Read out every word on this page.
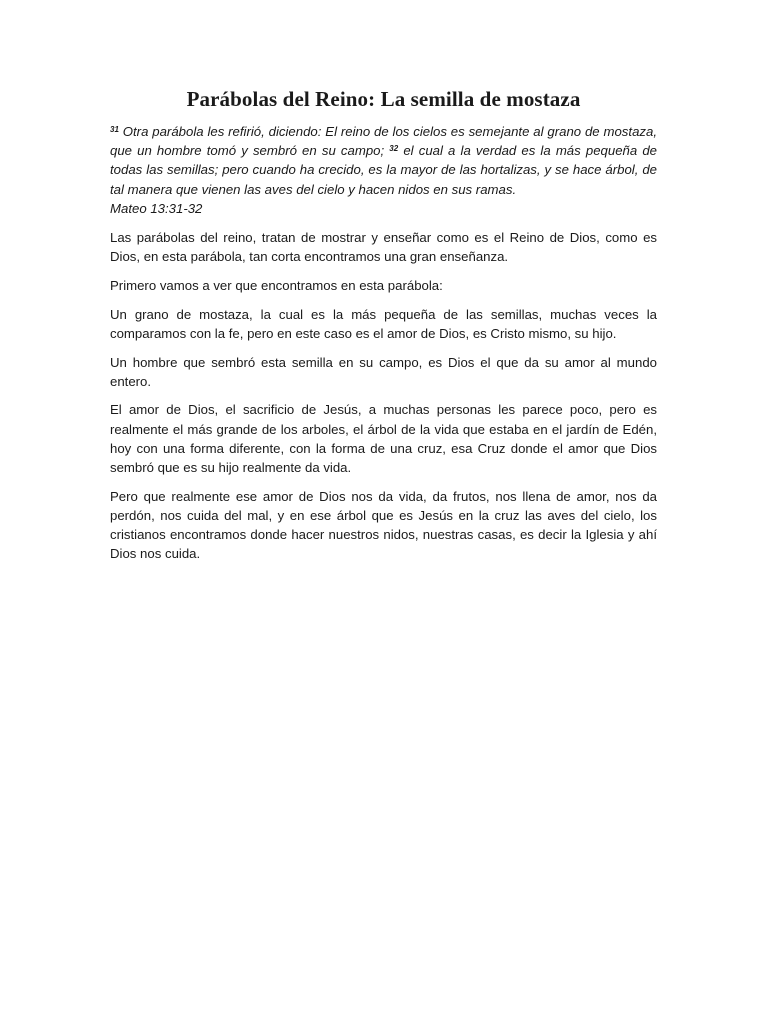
Parábolas del Reino: La semilla de mostaza

$^{31}$ Otra parábola les refirió, diciendo: El reino de los cielos es semejante al grano de mostaza, que un hombre tomó y sembró en su campo; $^{32}$ el cual a la verdad es la más pequeña de todas las semillas; pero cuando ha crecido, es la mayor de las hortalizas, y se hace árbol, de tal manera que vienen las aves del cielo y hacen nidos en sus ramas.
Mateo 13:31-32

Las parábolas del reino, tratan de mostrar y enseñar como es el Reino de Dios, como es Dios, en esta parábola, tan corta encontramos una gran enseñanza.

Primero vamos a ver que encontramos en esta parábola:

Un grano de mostaza, la cual es la más pequeña de las semillas, muchas veces la comparamos con la fe, pero en este caso es el amor de Dios, es Cristo mismo, su hijo.

Un hombre que sembró esta semilla en su campo, es Dios el que da su amor al mundo entero.

El amor de Dios, el sacrificio de Jesús, a muchas personas les parece poco, pero es realmente el más grande de los arboles, el árbol de la vida que estaba en el jardín de Edén, hoy con una forma diferente, con la forma de una cruz, esa Cruz donde el amor que Dios sembró que es su hijo realmente da vida.

Pero que realmente ese amor de Dios nos da vida, da frutos, nos llena de amor, nos da perdón, nos cuida del mal, y en ese árbol que es Jesús en la cruz las aves del cielo, los cristianos encontramos donde hacer nuestros nidos, nuestras casas, es decir la Iglesia y ahí Dios nos cuida.
